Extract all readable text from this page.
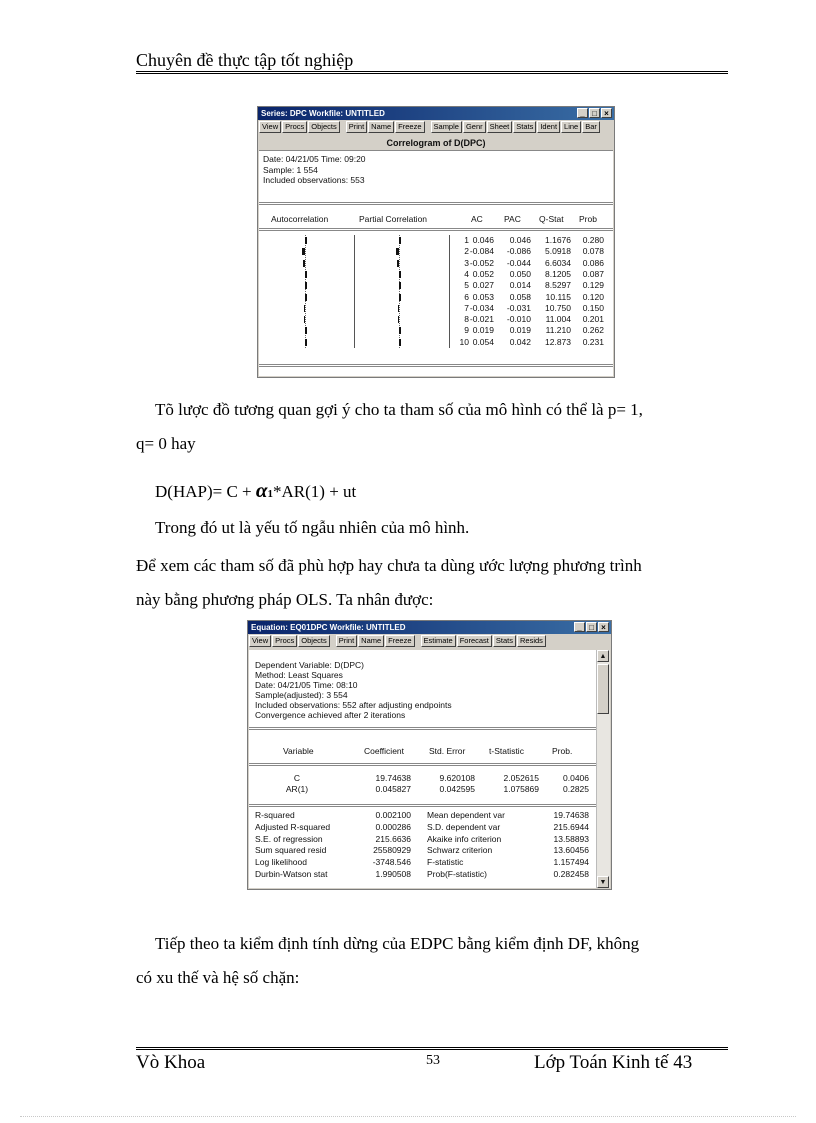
Chuyên đề thực tập tốt nghiệp
Series: DPC Workfile: UNTITLED	_ □ ×
View Procs Objects	Print Name Freeze	Sample Genr Sheet Stats Ident Line Bar
Correlogram of D(DPC)
Date: 04/21/05 Time: 09:20
Sample: 1 554
Included observations: 553
Autocorrelation	Partial Correlation	AC PAC Q-Stat Prob
1 0.046	0.046	1.1676	0.280
2 -0.084	-0.086	5.0918	0.078
3 -0.052	-0.044	6.6034	0.086
4 0.052	0.050	8.1205	0.087
5 0.027	0.014	8.5297	0.129
6 0.053	0.058	10.115	0.120
7 -0.034	-0.031	10.750	0.150
8 -0.021	-0.010	11.004	0.201
9 0.019	0.019	11.210	0.262
10 0.054	0.042	12.873	0.231
Tõ lược đồ tương quan gợi ý cho ta tham số của mô hình có thể là p= 1,
q= 0 hay
D(HAP)= C + α1*AR(1) + ut
Trong đó ut là yếu tố ngẫu nhiên của mô hình.
Để xem các tham số đã phù hợp hay chưa ta dùng ước lượng phương trình
này bằng phương pháp OLS. Ta nhân được:
Equation: EQ01DPC Workfile: UNTITLED	_ □ ×
View Procs Objects	Print Name Freeze	Estimate Forecast Stats Resids
Dependent Variable: D(DPC)
Method: Least Squares
Date: 04/21/05 Time: 08:10
Sample(adjusted): 3 554
Included observations: 552 after adjusting endpoints
Convergence achieved after 2 iterations
Variable	Coefficient	Std. Error	t-Statistic	Prob.
C	19.74638	9.620108	2.052615	0.0406
AR(1)	0.045827	0.042595	1.075869	0.2825
R-squared	0.002100 Mean dependent var	19.74638
Adjusted R-squared	0.000286 S.D. dependent var	215.6944
S.E. of regression	215.6636 Akaike info criterion	13.58893
Sum squared resid	25580929 Schwarz criterion	13.60456
Log likelihood	-3748.546 F-statistic	1.157494
Durbin-Watson stat	1.990508 Prob(F-statistic)	0.282458
▲
▼
Tiếp theo ta kiểm định tính dừng của EDPC bằng kiểm định DF, không
có xu thế và hệ số chặn:
Vò Khoa	53	Lớp Toán Kinh tế 43
